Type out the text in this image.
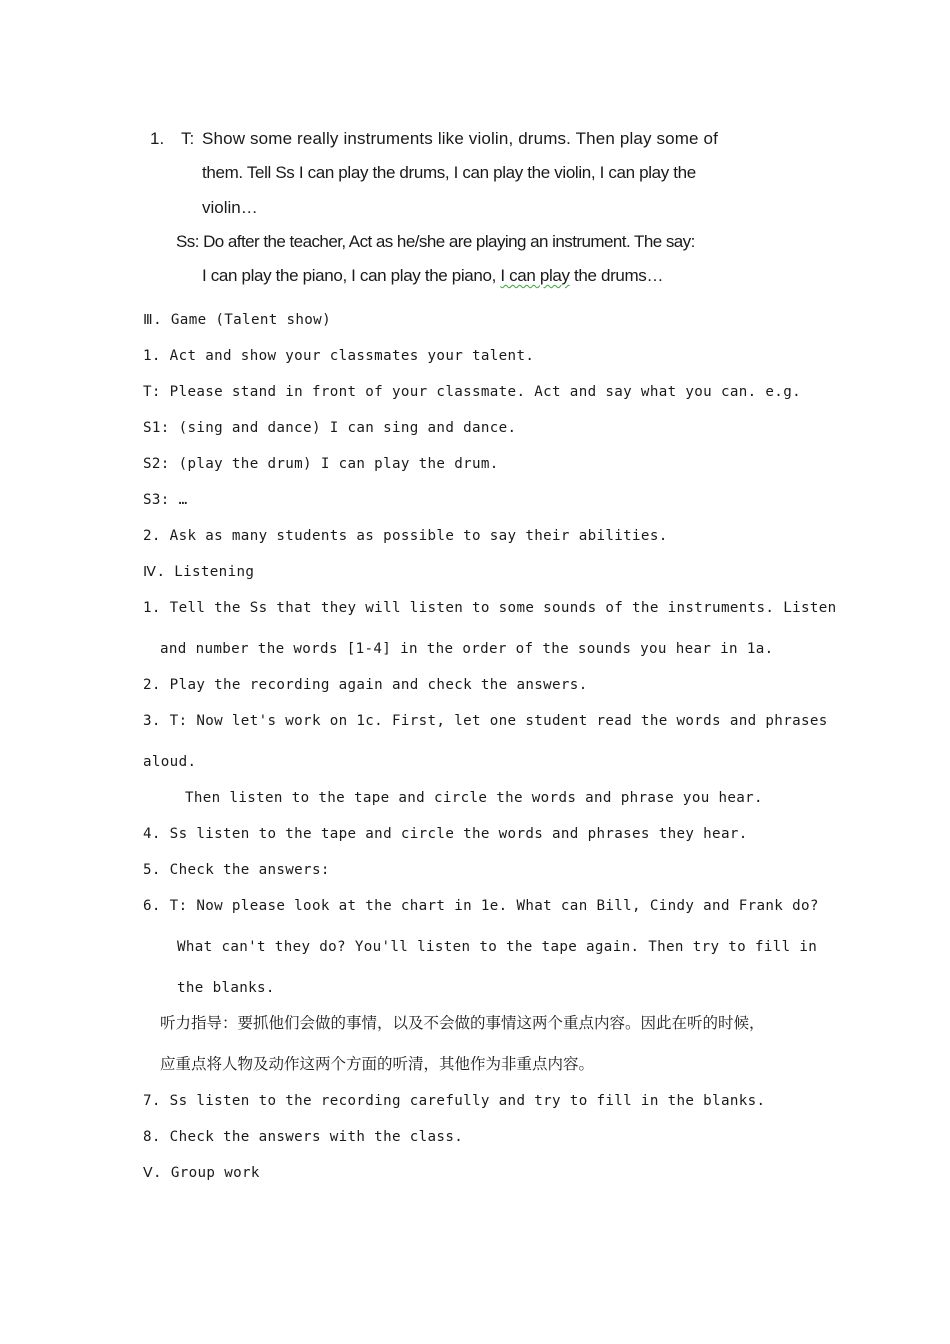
1. T: Show some really instruments like violin, drums. Then play some of
them. Tell Ss I can play the drums, I can play the violin, I can play the
violin…
Ss: Do after the teacher, Act as he/she are playing an instrument. The say:
I can play the piano, I can play the piano, I can play the drums…
Ⅲ. Game (Talent show)
1. Act and show your classmates your talent.
T: Please stand in front of your classmate. Act and say what you can. e.g.
S1: (sing and dance) I can sing and dance.
S2: (play the drum) I can play the drum.
S3: …
2. Ask as many students as possible to say their abilities.
Ⅳ. Listening
1. Tell the Ss that they will listen to some sounds of the instruments. Listen
and number the words [1-4] in the order of the sounds you hear in 1a.
2. Play the recording again and check the answers.
3. T: Now let's work on 1c. First, let one student read the words and phrases
aloud.
Then listen to the tape and circle the words and phrase you hear.
4. Ss listen to the tape and circle the words and phrases they hear.
5. Check the answers:
6. T: Now please look at the chart in 1e. What can Bill, Cindy and Frank do?
What can't they do? You'll listen to the tape again. Then try to fill in
the blanks.
听力指导：要抓他们会做的事情，以及不会做的事情这两个重点内容。因此在听的时候，
应重点将人物及动作这两个方面的听清，其他作为非重点内容。
7. Ss listen to the recording carefully and try to fill in the blanks.
8. Check the answers with the class.
Ⅴ. Group work
